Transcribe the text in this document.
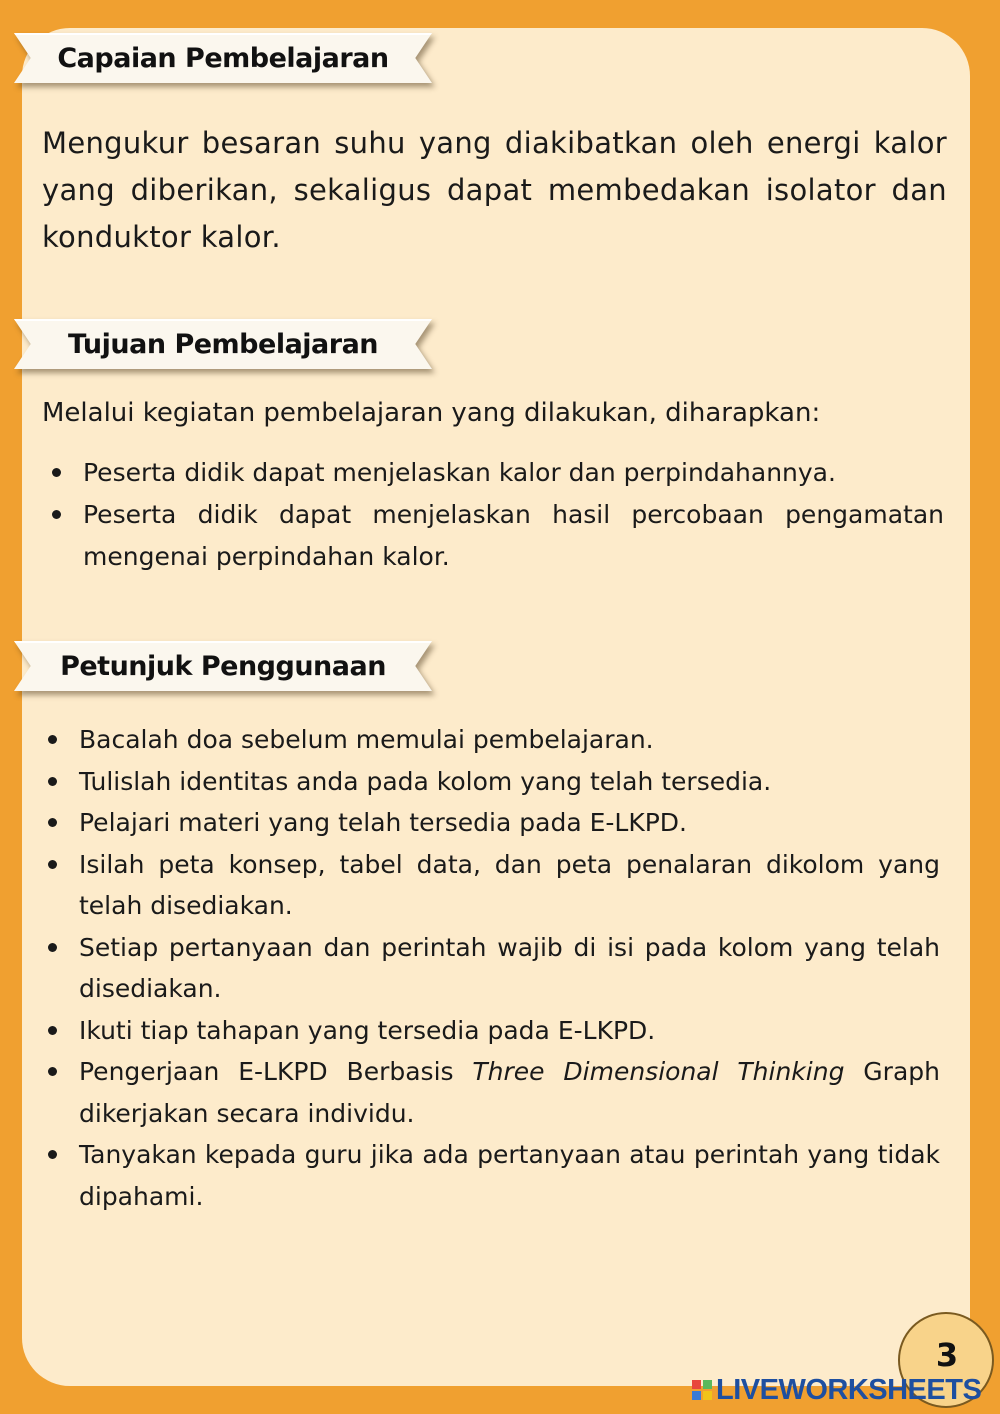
Capaian Pembelajaran
Mengukur besaran suhu yang diakibatkan oleh energi kalor yang diberikan, sekaligus dapat membedakan isolator dan konduktor kalor.
Tujuan Pembelajaran
Melalui kegiatan pembelajaran yang dilakukan, diharapkan:
Peserta didik dapat menjelaskan kalor dan perpindahannya.
Peserta didik dapat menjelaskan hasil percobaan pengamatan mengenai perpindahan kalor.
Petunjuk Penggunaan
Bacalah doa sebelum memulai pembelajaran.
Tulislah identitas anda pada kolom yang telah tersedia.
Pelajari materi yang telah tersedia pada E-LKPD.
Isilah peta konsep, tabel data, dan peta penalaran dikolom yang telah disediakan.
Setiap pertanyaan dan perintah wajib di isi pada kolom yang telah disediakan.
Ikuti tiap tahapan yang tersedia pada E-LKPD.
Pengerjaan E-LKPD Berbasis Three Dimensional Thinking Graph dikerjakan secara individu.
Tanyakan kepada guru jika ada pertanyaan atau perintah yang tidak dipahami.
3
LIVEWORKSHEETS
